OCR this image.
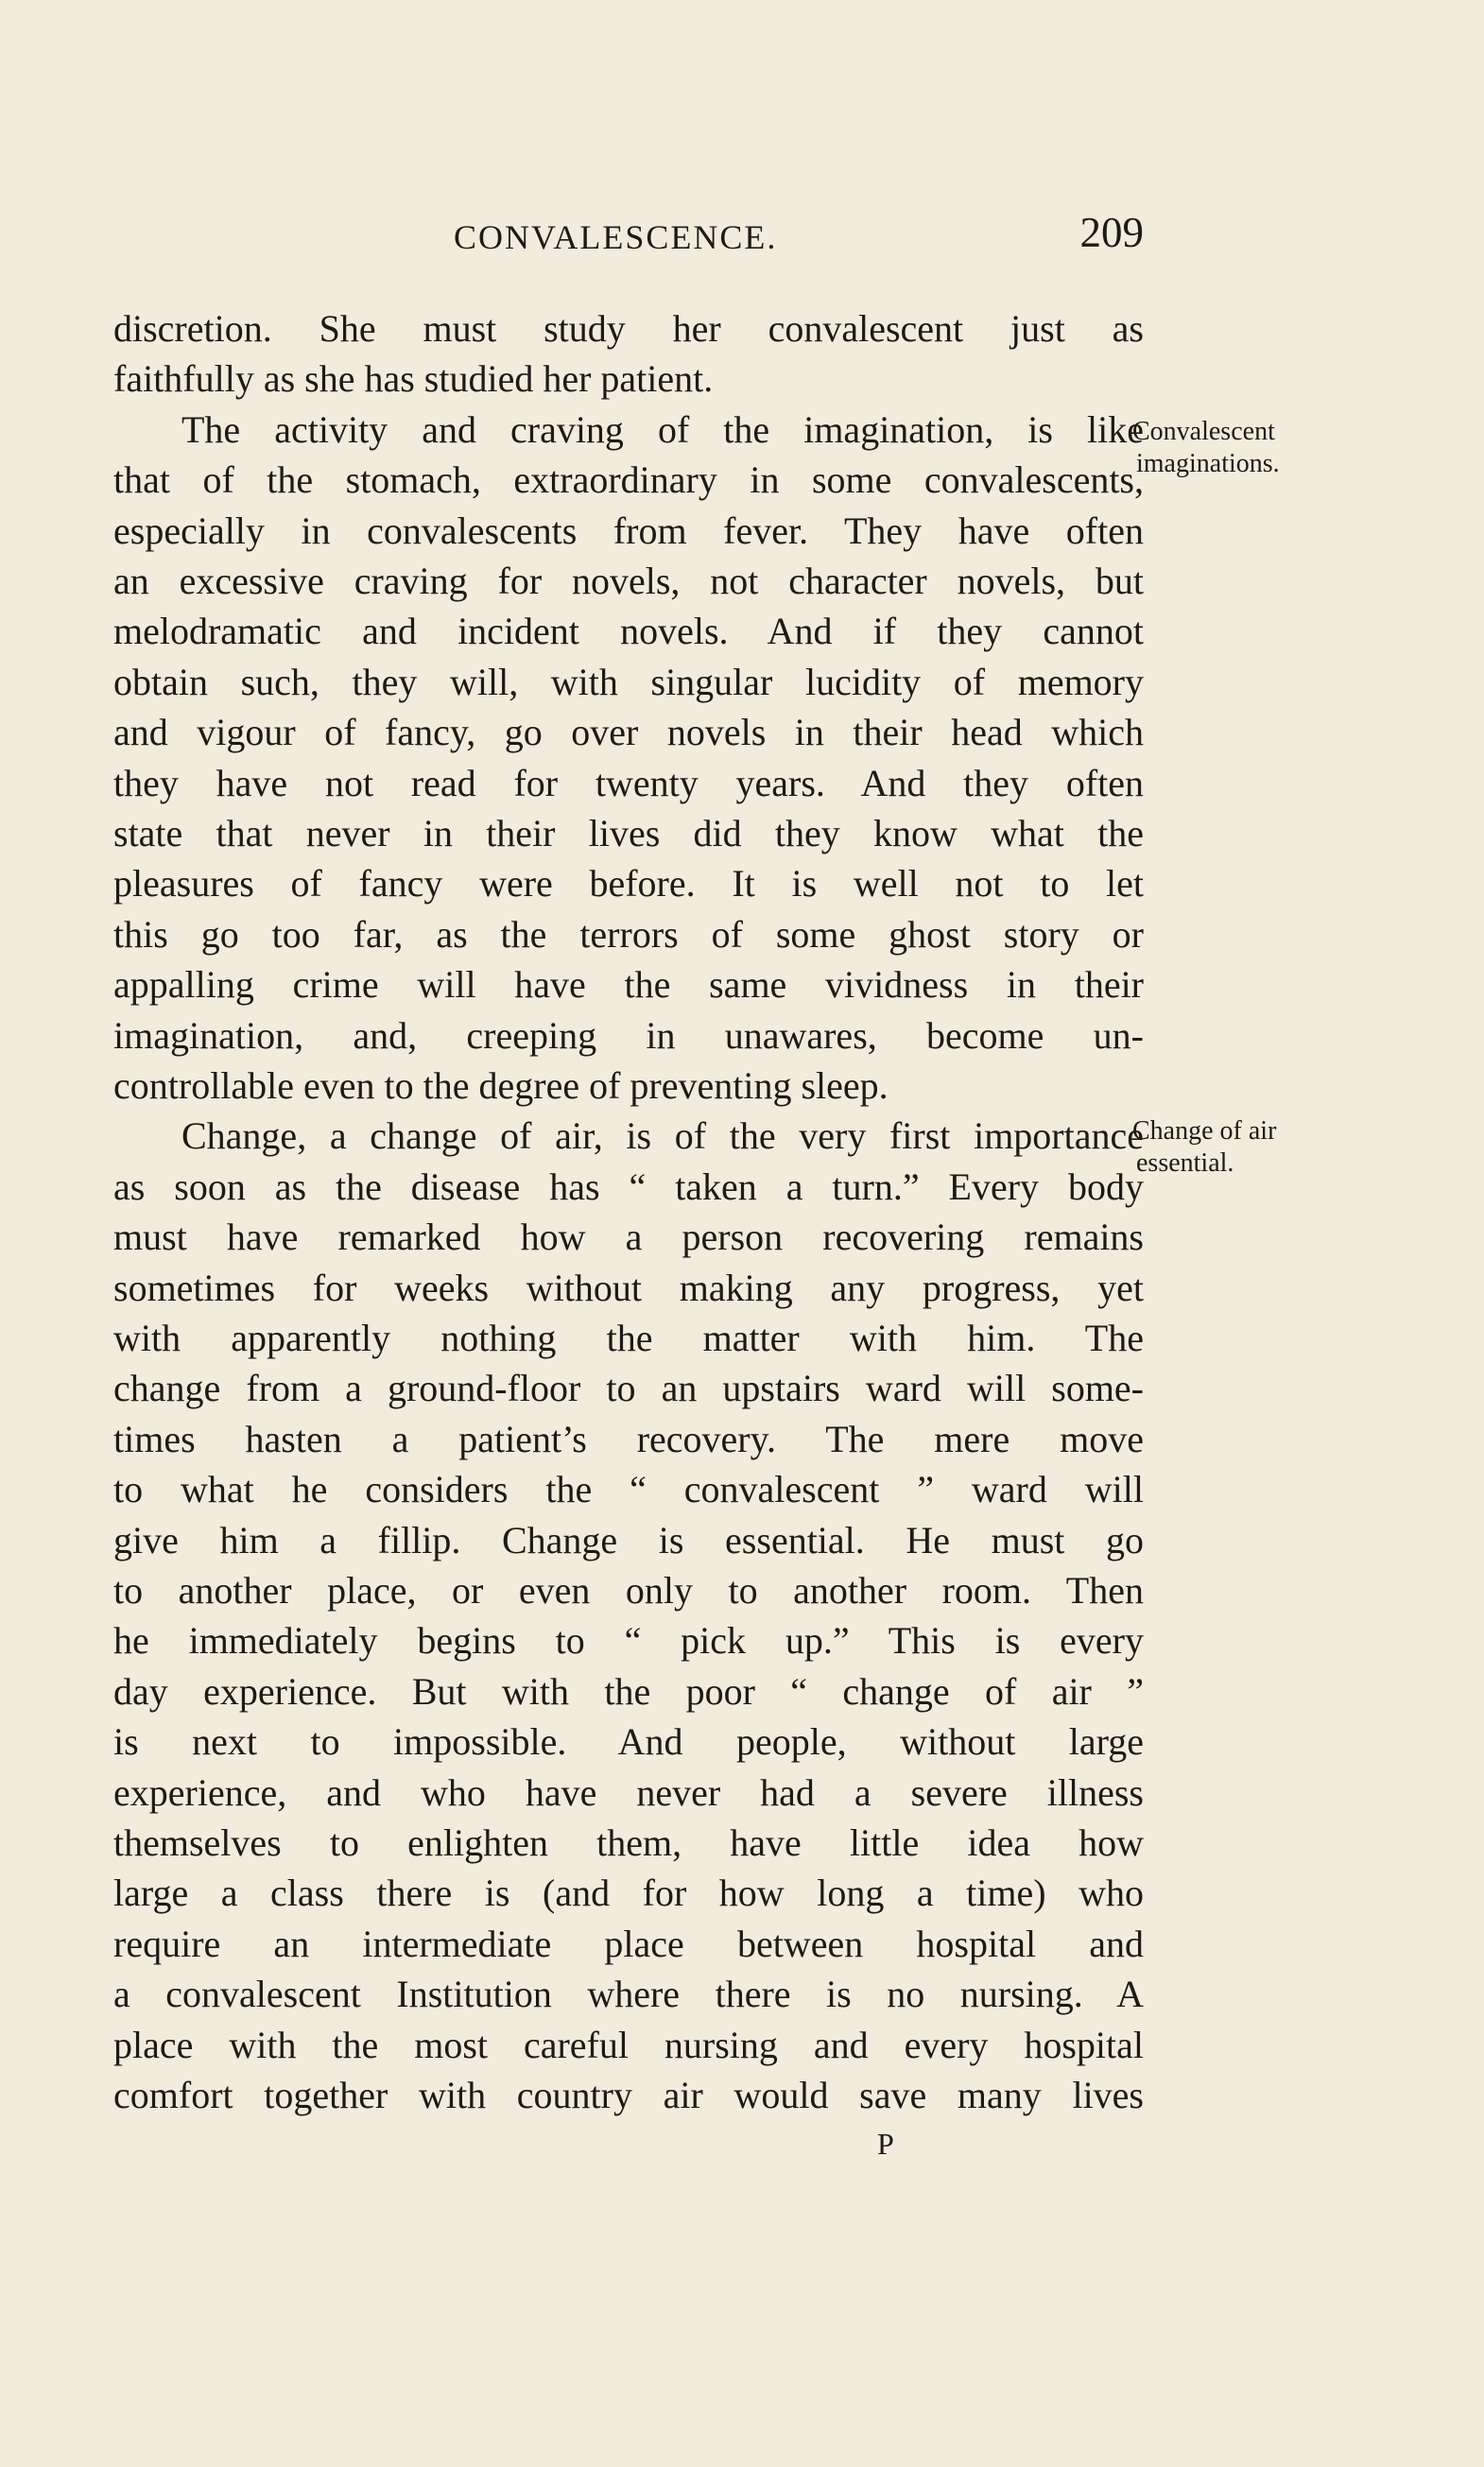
CONVALESCENCE.	209
discretion. She must study her convalescent just as
faithfully as she has studied her patient.
The activity and craving of the imagination, is like
that of the stomach, extraordinary in some convalescents,
especially in convalescents from fever. They have often
an excessive craving for novels, not character novels, but
melodramatic and incident novels. And if they cannot
obtain such, they will, with singular lucidity of memory
and vigour of fancy, go over novels in their head which
they have not read for twenty years. And they often
state that never in their lives did they know what the
pleasures of fancy were before. It is well not to let
this go too far, as the terrors of some ghost story or
appalling crime will have the same vividness in their
imagination, and, creeping in unawares, become un-
controllable even to the degree of preventing sleep.
Change, a change of air, is of the very first importance
as soon as the disease has “ taken a turn.” Every body
must have remarked how a person recovering remains
sometimes for weeks without making any progress, yet
with apparently nothing the matter with him. The
change from a ground-floor to an upstairs ward will some-
times hasten a patient’s recovery. The mere move
to what he considers the “ convalescent ” ward will
give him a fillip. Change is essential. He must go
to another place, or even only to another room. Then
he immediately begins to “ pick up.” This is every
day experience. But with the poor “ change of air ”
is next to impossible. And people, without large
experience, and who have never had a severe illness
themselves to enlighten them, have little idea how
large a class there is (and for how long a time) who
require an intermediate place between hospital and
a convalescent Institution where there is no nursing. A
place with the most careful nursing and every hospital
comfort together with country air would save many lives
Convalescent
imaginations.
Change of air
essential.
P
